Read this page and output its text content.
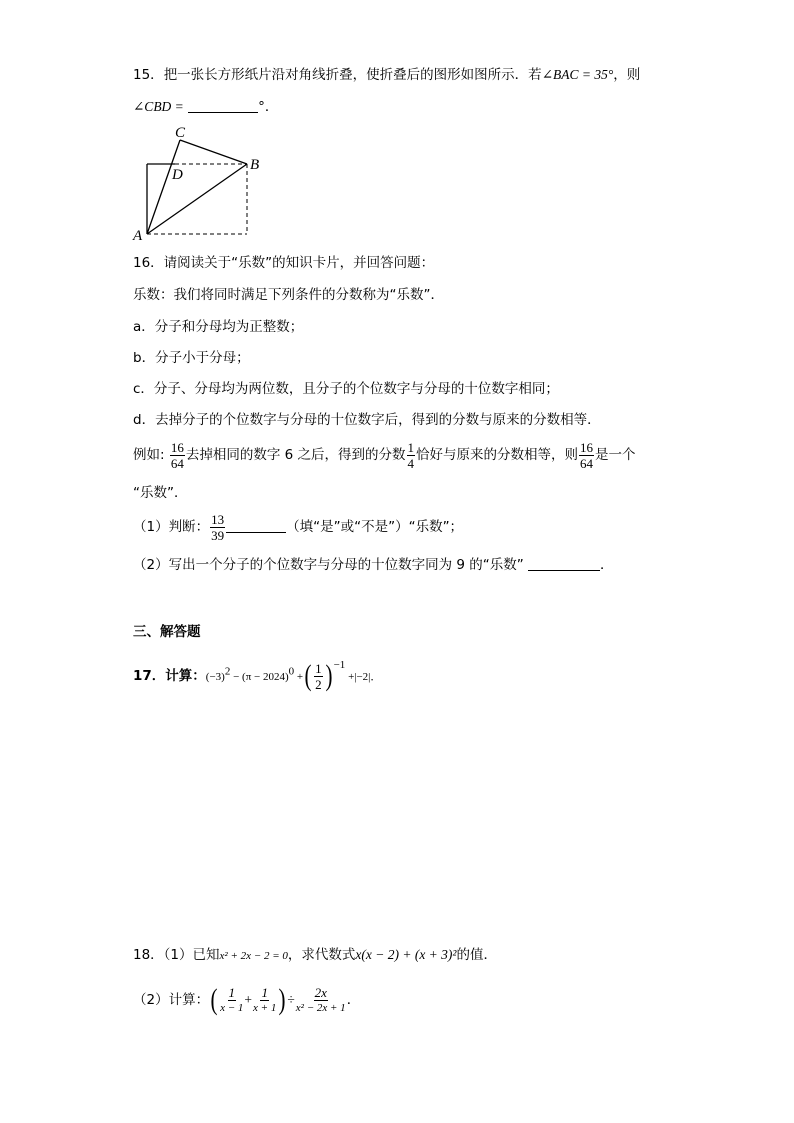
15．把一张长方形纸片沿对角线折叠，使折叠后的图形如图所示．若∠BAC = 35°，则
∠CBD =	°．
C
D
B
A
16．请阅读关于“乐数”的知识卡片，并回答问题：
乐数：我们将同时满足下列条件的分数称为“乐数”．
a．分子和分母均为正整数；
b．分子小于分母；
c．分子、分母均为两位数，且分子的个位数字与分母的十位数字相同；
d．去掉分子的个位数字与分母的十位数字后，得到的分数与原来的分数相等．
例如: $\frac{16}{64}$ 去掉相同的数字 6 之后，得到的分数 $\frac{1}{4}$ 恰好与原来的分数相等，则 $\frac{16}{64}$ 是一个
“乐数”．
（1）判断： $\frac{13}{39}$	（填“是”或“不是”）“乐数”；
（2）写出一个分子的个位数字与分母的十位数字同为 9 的“乐数”	．
三、解答题
17．计算：$(-3)^2 - (\pi - 2024)^0$ +( $\frac{1}{2}$ ) $^{-1}$ +|−2|．
18．（1）已知x² + 2x − 2 = 0，求代数式x(x − 2) + (x + 3)²的值．
（2）计算：( $\frac{1}{x - 1} + \frac{1}{x + 1}$ ) ÷ $\frac{2x}{\text{x² − 2x + 1}}$ ．
